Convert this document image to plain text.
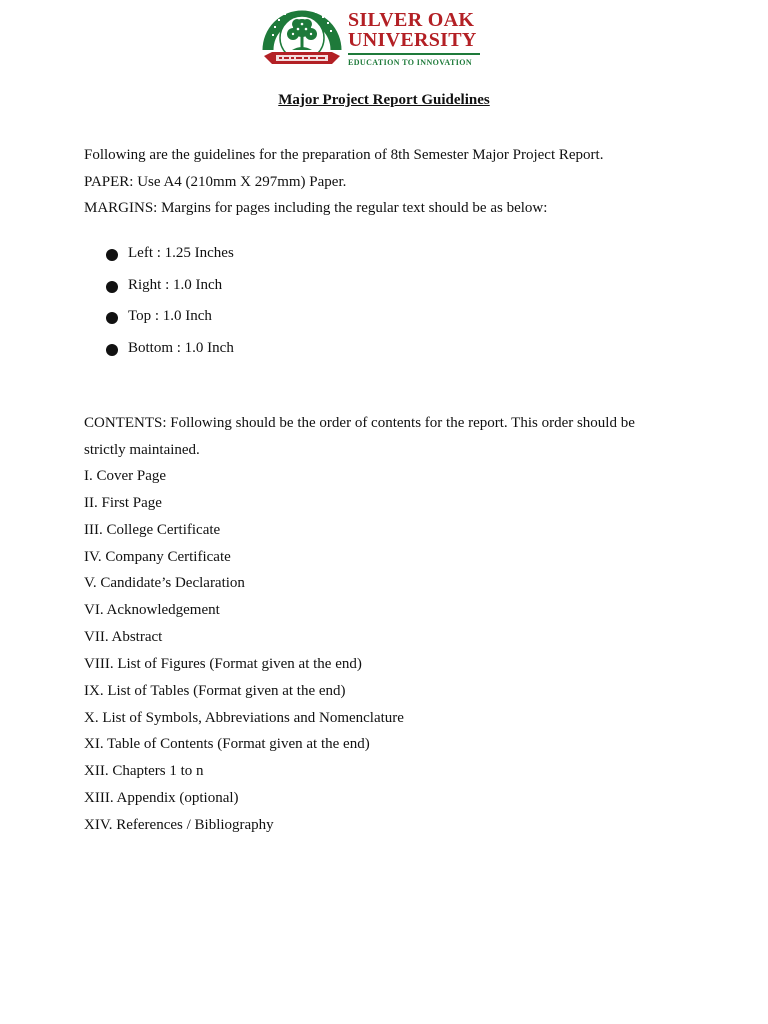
SILVER OAK
UNIVERSITY
EDUCATION TO INNOVATION
Major Project Report Guidelines
Following are the guidelines for the preparation of 8th Semester Major Project Report.
PAPER: Use A4 (210mm X 297mm) Paper.
MARGINS: Margins for pages including the regular text should be as below:
Left : 1.25 Inches
Right : 1.0 Inch
Top : 1.0 Inch
Bottom : 1.0 Inch
CONTENTS: Following should be the order of contents for the report. This order should be
strictly maintained.
I. Cover Page
II. First Page
III. College Certificate
IV. Company Certificate
V. Candidate’s Declaration
VI. Acknowledgement
VII. Abstract
VIII. List of Figures (Format given at the end)
IX. List of Tables (Format given at the end)
X. List of Symbols, Abbreviations and Nomenclature
XI. Table of Contents (Format given at the end)
XII. Chapters 1 to n
XIII. Appendix (optional)
XIV. References / Bibliography
